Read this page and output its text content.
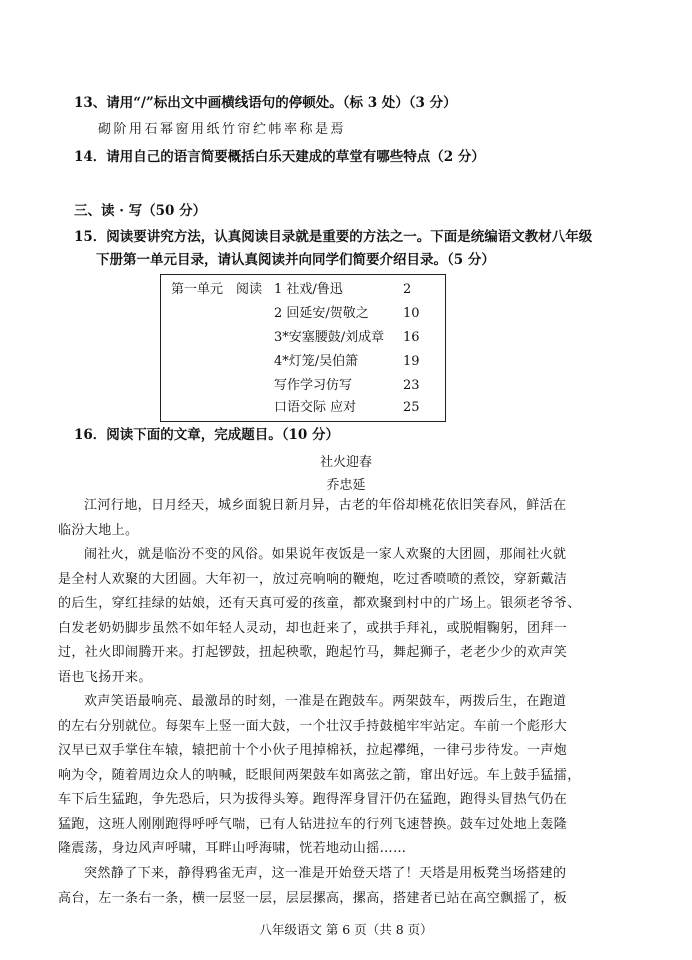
13、请用“/”标出文中画横线语句的停顿处。（标 3 处）（3 分）
砌阶用石幂窗用纸竹帘纻帏率称是焉
14．请用自己的语言简要概括白乐天建成的草堂有哪些特点（2 分）
三、读 · 写（50 分）
15．阅读要讲究方法，认真阅读目录就是重要的方法之一。下面是统编语文教材八年级
下册第一单元目录，请认真阅读并向同学们简要介绍目录。（5 分）
第一单元　阅读 1 社戏/鲁迅	2
2 回延安/贺敬之	10
3*安塞腰鼓/刘成章 16
4*灯笼/吴伯箫	19
写作学习仿写	23
口语交际 应对	25
16．阅读下面的文章，完成题目。（10 分）
社火迎春
乔忠延
江河行地，日月经天，城乡面貌日新月异，古老的年俗却桃花依旧笑春风，鲜活在
临汾大地上。
闹社火，就是临汾不变的风俗。如果说年夜饭是一家人欢聚的大团圆，那闹社火就
是全村人欢聚的大团圆。大年初一，放过亮响响的鞭炮，吃过香喷喷的煮饺，穿新戴洁
的后生，穿红挂绿的姑娘，还有天真可爱的孩童，都欢聚到村中的广场上。银须老爷爷、
白发老奶奶脚步虽然不如年轻人灵动，却也赶来了，或拱手拜礼，或脱帽鞠躬，团拜一
过，社火即闹腾开来。打起锣鼓，扭起秧歌，跑起竹马，舞起狮子，老老少少的欢声笑
语也飞扬开来。
欢声笑语最响亮、最激昂的时刻，一准是在跑鼓车。两架鼓车，两拨后生，在跑道
的左右分别就位。每架车上竖一面大鼓，一个壮汉手持鼓槌牢牢站定。车前一个彪形大
汉早已双手掌住车辕，辕把前十个小伙子甩掉棉袄，拉起襻绳，一律弓步待发。一声炮
响为令，随着周边众人的呐喊，眨眼间两架鼓车如离弦之箭，窜出好远。车上鼓手猛擂，
车下后生猛跑，争先恐后，只为拔得头筹。跑得浑身冒汗仍在猛跑，跑得头冒热气仍在
猛跑，这班人刚刚跑得呼呼气喘，已有人钻进拉车的行列飞速替换。鼓车过处地上轰隆
隆震荡，身边风声呼啸，耳畔山呼海啸，恍若地动山摇……
突然静了下来，静得鸦雀无声，这一准是开始登天塔了！天塔是用板凳当场搭建的
高台，左一条右一条，横一层竖一层，层层摞高，摞高，搭建者已站在高空飘摇了，板
八年级语文 第 6 页（共 8 页）
